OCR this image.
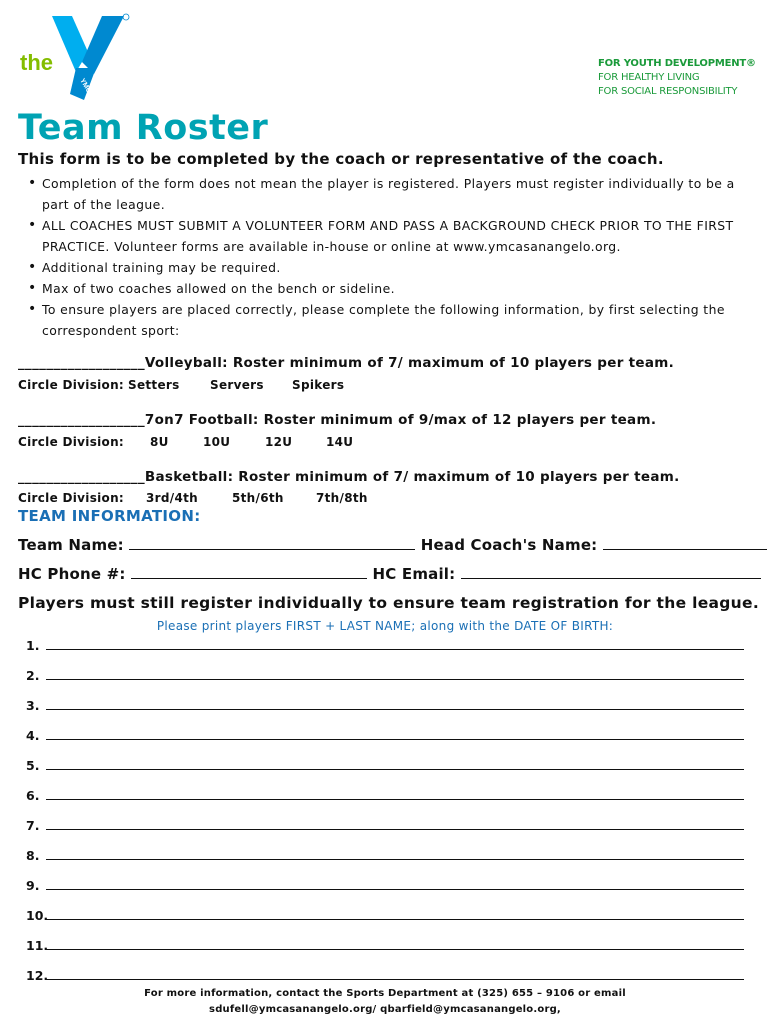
the
YMCA
FOR YOUTH DEVELOPMENT®
FOR HEALTHY LIVING
FOR SOCIAL RESPONSIBILITY
Team Roster
This form is to be completed by the coach or representative of the coach.
• Completion of the form does not mean the player is registered. Players must register individually to be a part of the league.
• ALL COACHES MUST SUBMIT A VOLUNTEER FORM AND PASS A BACKGROUND CHECK PRIOR TO THE FIRST PRACTICE. Volunteer forms are available in-house or online at www.ymcasanangelo.org.
• Additional training may be required.
• Max of two coaches allowed on the bench or sideline.
• To ensure players are placed correctly, please complete the following information, by first selecting the correspondent sport:
__________________Volleyball: Roster minimum of 7/ maximum of 10 players per team.
Circle Division: Setters	Servers Spikers
__________________7on7 Football: Roster minimum of 9/max of 12 players per team.
Circle Division: 8U	10U	12U	14U
__________________Basketball: Roster minimum of 7/ maximum of 10 players per team.
Circle Division: 3rd/4th	5th/6th	7th/8th
TEAM INFORMATION:
Team Name:	Head Coach's Name:
HC Phone #:	HC Email:
Players must still register individually to ensure team registration for the league.
Please print players FIRST + LAST NAME; along with the DATE OF BIRTH:
1.
2.
3.
4.
5.
6.
7.
8.
9.
10.
11.
12.
For more information, contact the Sports Department at (325) 655 – 9106 or email
sdufell@ymcasanangelo.org/ qbarfield@ymcasanangelo.org,
